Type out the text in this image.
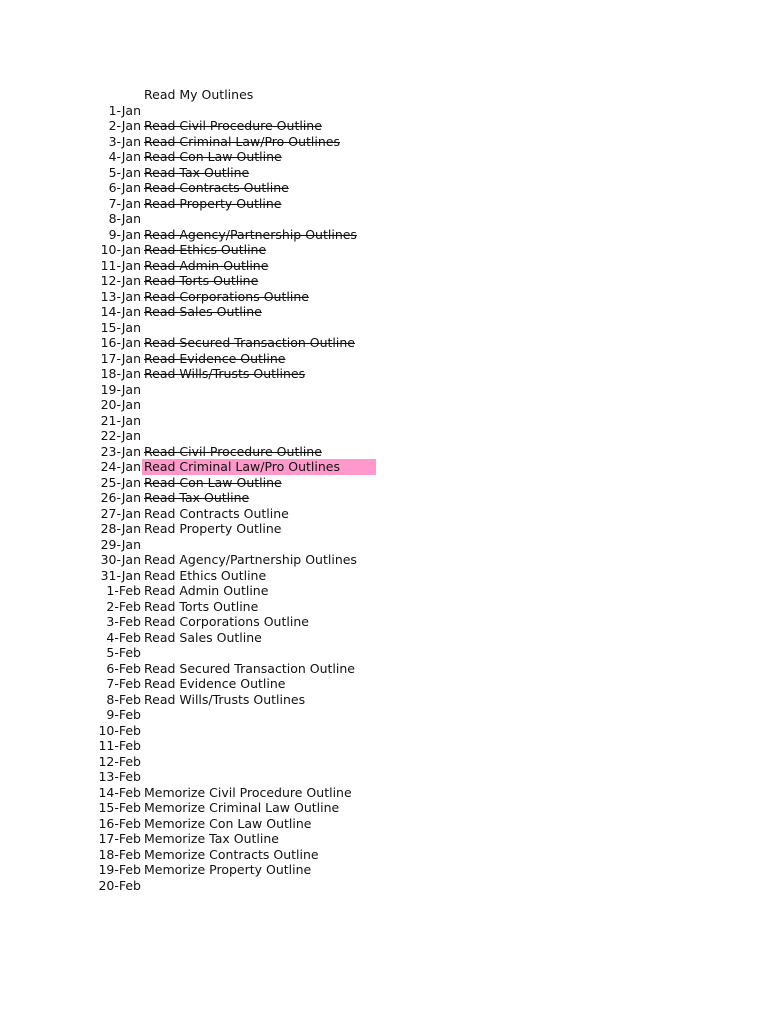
Read My Outlines
1-Jan
2-Jan Read Civil Procedure Outline
3-Jan Read Criminal Law/Pro Outlines
4-Jan Read Con Law Outline
5-Jan Read Tax Outline
6-Jan Read Contracts Outline
7-Jan Read Property Outline
8-Jan
9-Jan Read Agency/Partnership Outlines
10-Jan Read Ethics Outline
11-Jan Read Admin Outline
12-Jan Read Torts Outline
13-Jan Read Corporations Outline
14-Jan Read Sales Outline
15-Jan
16-Jan Read Secured Transaction Outline
17-Jan Read Evidence Outline
18-Jan Read Wills/Trusts Outlines
19-Jan
20-Jan
21-Jan
22-Jan
23-Jan Read Civil Procedure Outline
24-Jan Read Criminal Law/Pro Outlines
25-Jan Read Con Law Outline
26-Jan Read Tax Outline
27-Jan Read Contracts Outline
28-Jan Read Property Outline
29-Jan
30-Jan Read Agency/Partnership Outlines
31-Jan Read Ethics Outline
1-Feb Read Admin Outline
2-Feb Read Torts Outline
3-Feb Read Corporations Outline
4-Feb Read Sales Outline
5-Feb
6-Feb Read Secured Transaction Outline
7-Feb Read Evidence Outline
8-Feb Read Wills/Trusts Outlines
9-Feb
10-Feb
11-Feb
12-Feb
13-Feb
14-Feb Memorize Civil Procedure Outline
15-Feb Memorize Criminal Law Outline
16-Feb Memorize Con Law Outline
17-Feb Memorize Tax Outline
18-Feb Memorize Contracts Outline
19-Feb Memorize Property Outline
20-Feb
